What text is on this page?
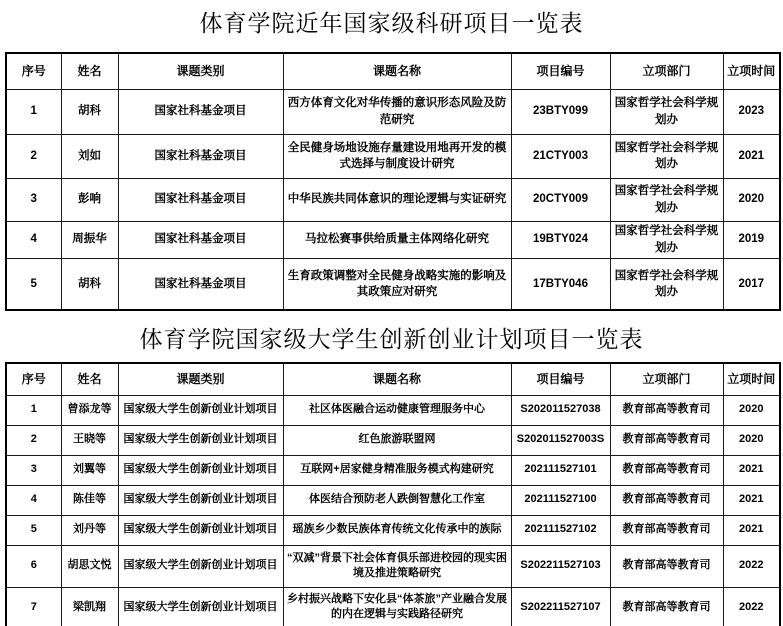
体育学院近年国家级科研项目一览表
序号	姓名	课题类别	课题名称	项目编号	立项部门	立项时间
1	胡科	国家社科基金项目	西方体育文化对华传播的意识形态风险及防范研究	23BTY099	国家哲学社会科学规划办	2023
2	刘如	国家社科基金项目	全民健身场地设施存量建设用地再开发的模式选择与制度设计研究	21CTY003	国家哲学社会科学规划办	2021
3	彭响	国家社科基金项目	中华民族共同体意识的理论逻辑与实证研究	20CTY009	国家哲学社会科学规划办	2020
4	周振华	国家社科基金项目	马拉松赛事供给质量主体网络化研究	19BTY024	国家哲学社会科学规划办	2019
5	胡科	国家社科基金项目	生育政策调整对全民健身战略实施的影响及其政策应对研究	17BTY046	国家哲学社会科学规划办	2017
体育学院国家级大学生创新创业计划项目一览表
序号	姓名	课题类别	课题名称	项目编号	立项部门	立项时间
1	曾添龙等	国家级大学生创新创业计划项目	社区体医融合运动健康管理服务中心	S202011527038	教育部高等教育司	2020
2	王晓等	国家级大学生创新创业计划项目	红色旅游联盟网	S202011527003S	教育部高等教育司	2020
3	刘翼等	国家级大学生创新创业计划项目	互联网+居家健身精准服务模式构建研究	202111527101	教育部高等教育司	2021
4	陈佳等	国家级大学生创新创业计划项目	体医结合预防老人跌倒智慧化工作室	202111527100	教育部高等教育司	2021
5	刘丹等	国家级大学生创新创业计划项目	瑶族乡少数民族体育传统文化传承中的族际	202111527102	教育部高等教育司	2021
6	胡思文悦	国家级大学生创新创业计划项目	“双减”背景下社会体育俱乐部进校园的现实困境及推进策略研究	S202211527103	教育部高等教育司	2022
7	梁凯翔	国家级大学生创新创业计划项目	乡村振兴战略下安化县“体茶旅”产业融合发展的内在逻辑与实践路径研究	S202211527107	教育部高等教育司	2022
